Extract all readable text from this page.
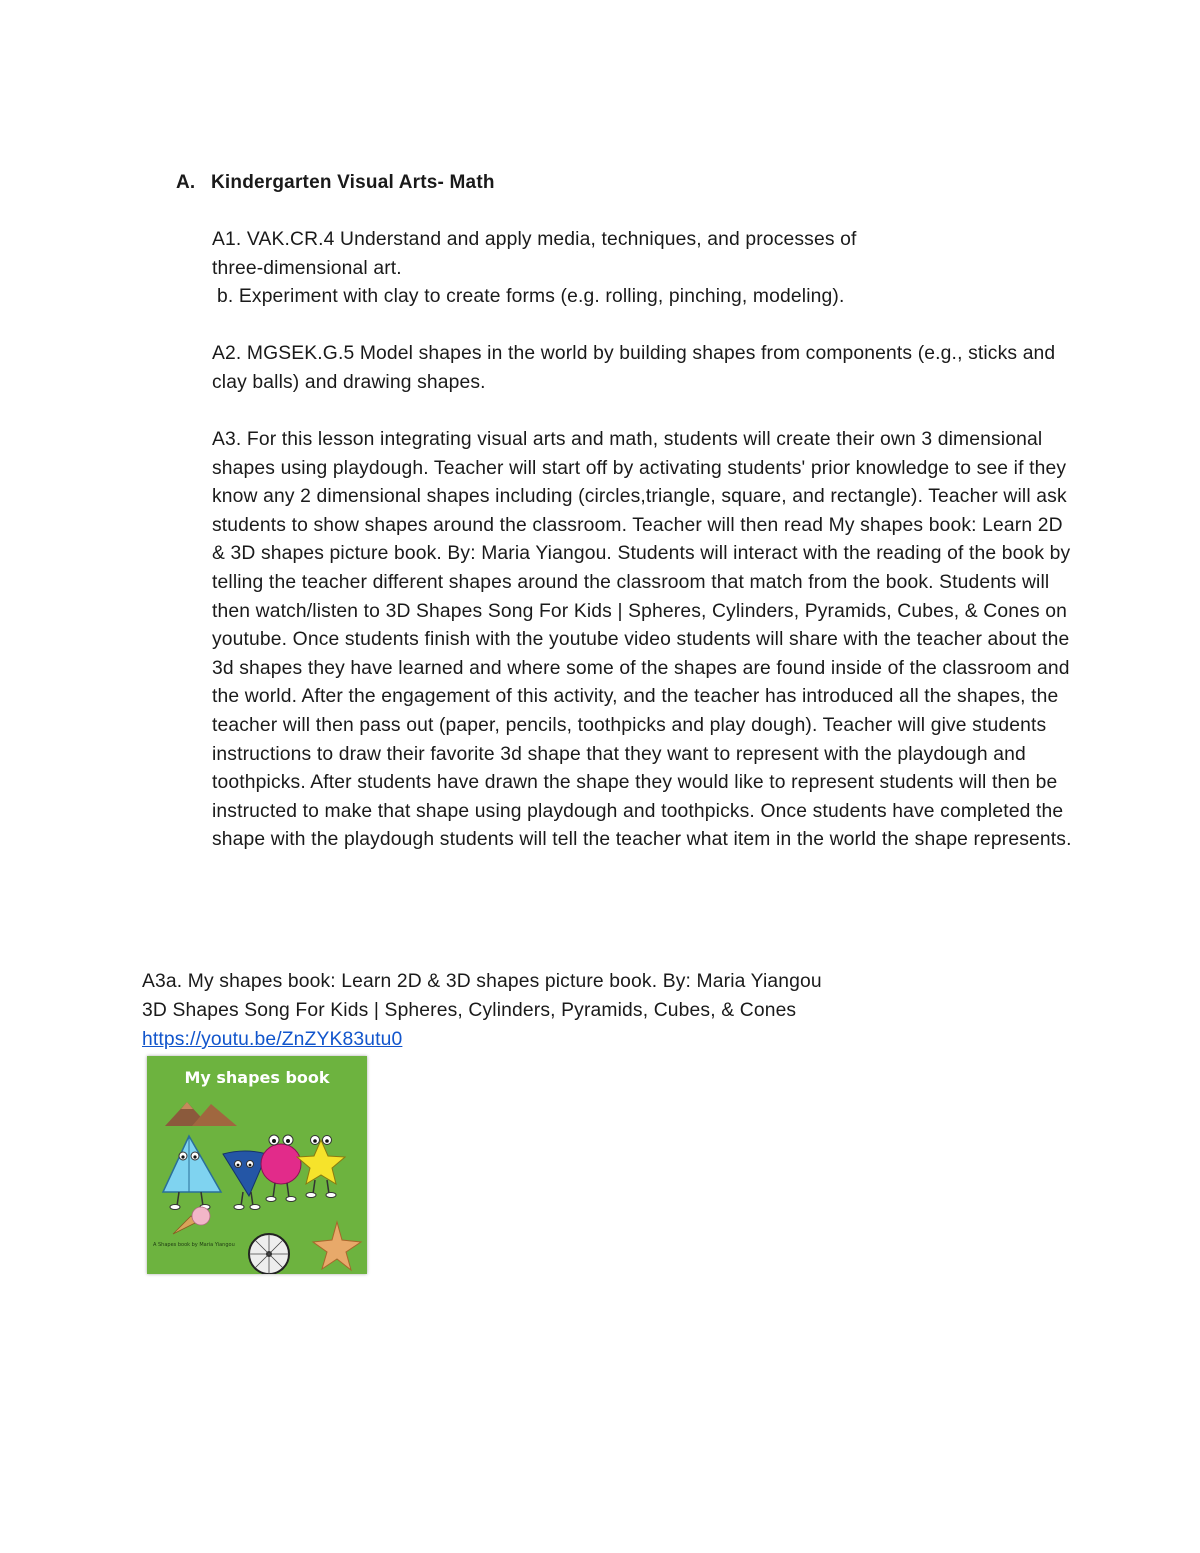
A. Kindergarten Visual Arts- Math

A1. VAK.CR.4 Understand and apply media, techniques, and processes of

three-dimensional art.

b. Experiment with clay to create forms (e.g. rolling, pinching, modeling).

A2. MGSEK.G.5 Model shapes in the world by building shapes from components (e.g., sticks and clay balls) and drawing shapes.

A3. For this lesson integrating visual arts and math, students will create their own 3 dimensional shapes using playdough. Teacher will start off by activating students' prior knowledge to see if they know any 2 dimensional shapes including (circles,triangle, square, and rectangle). Teacher will ask students to show shapes around the classroom. Teacher will then read My shapes book: Learn 2D & 3D shapes picture book. By: Maria Yiangou. Students will interact with the reading of the book by telling the teacher different shapes around the classroom that match from the book. Students will then watch/listen to 3D Shapes Song For Kids | Spheres, Cylinders, Pyramids, Cubes, & Cones on youtube. Once students finish with the youtube video students will share with the teacher about the 3d shapes they have learned and where some of the shapes are found inside of the classroom and the world. After the engagement of this activity, and the teacher has introduced all the shapes, the teacher will then pass out (paper, pencils, toothpicks and play dough). Teacher will give students instructions to draw their favorite 3d shape that they want to represent with the playdough and toothpicks. After students have drawn the shape they would like to represent students will then be instructed to make that shape using playdough and toothpicks. Once students have completed the shape with the playdough students will tell the teacher what item in the world the shape represents.

A3a. My shapes book: Learn 2D & 3D shapes picture book. By: Maria Yiangou

3D Shapes Song For Kids | Spheres, Cylinders, Pyramids, Cubes, & Cones

https://youtu.be/ZnZYK83utu0

My shapes book
A Shapes book by Maria Yiangou
